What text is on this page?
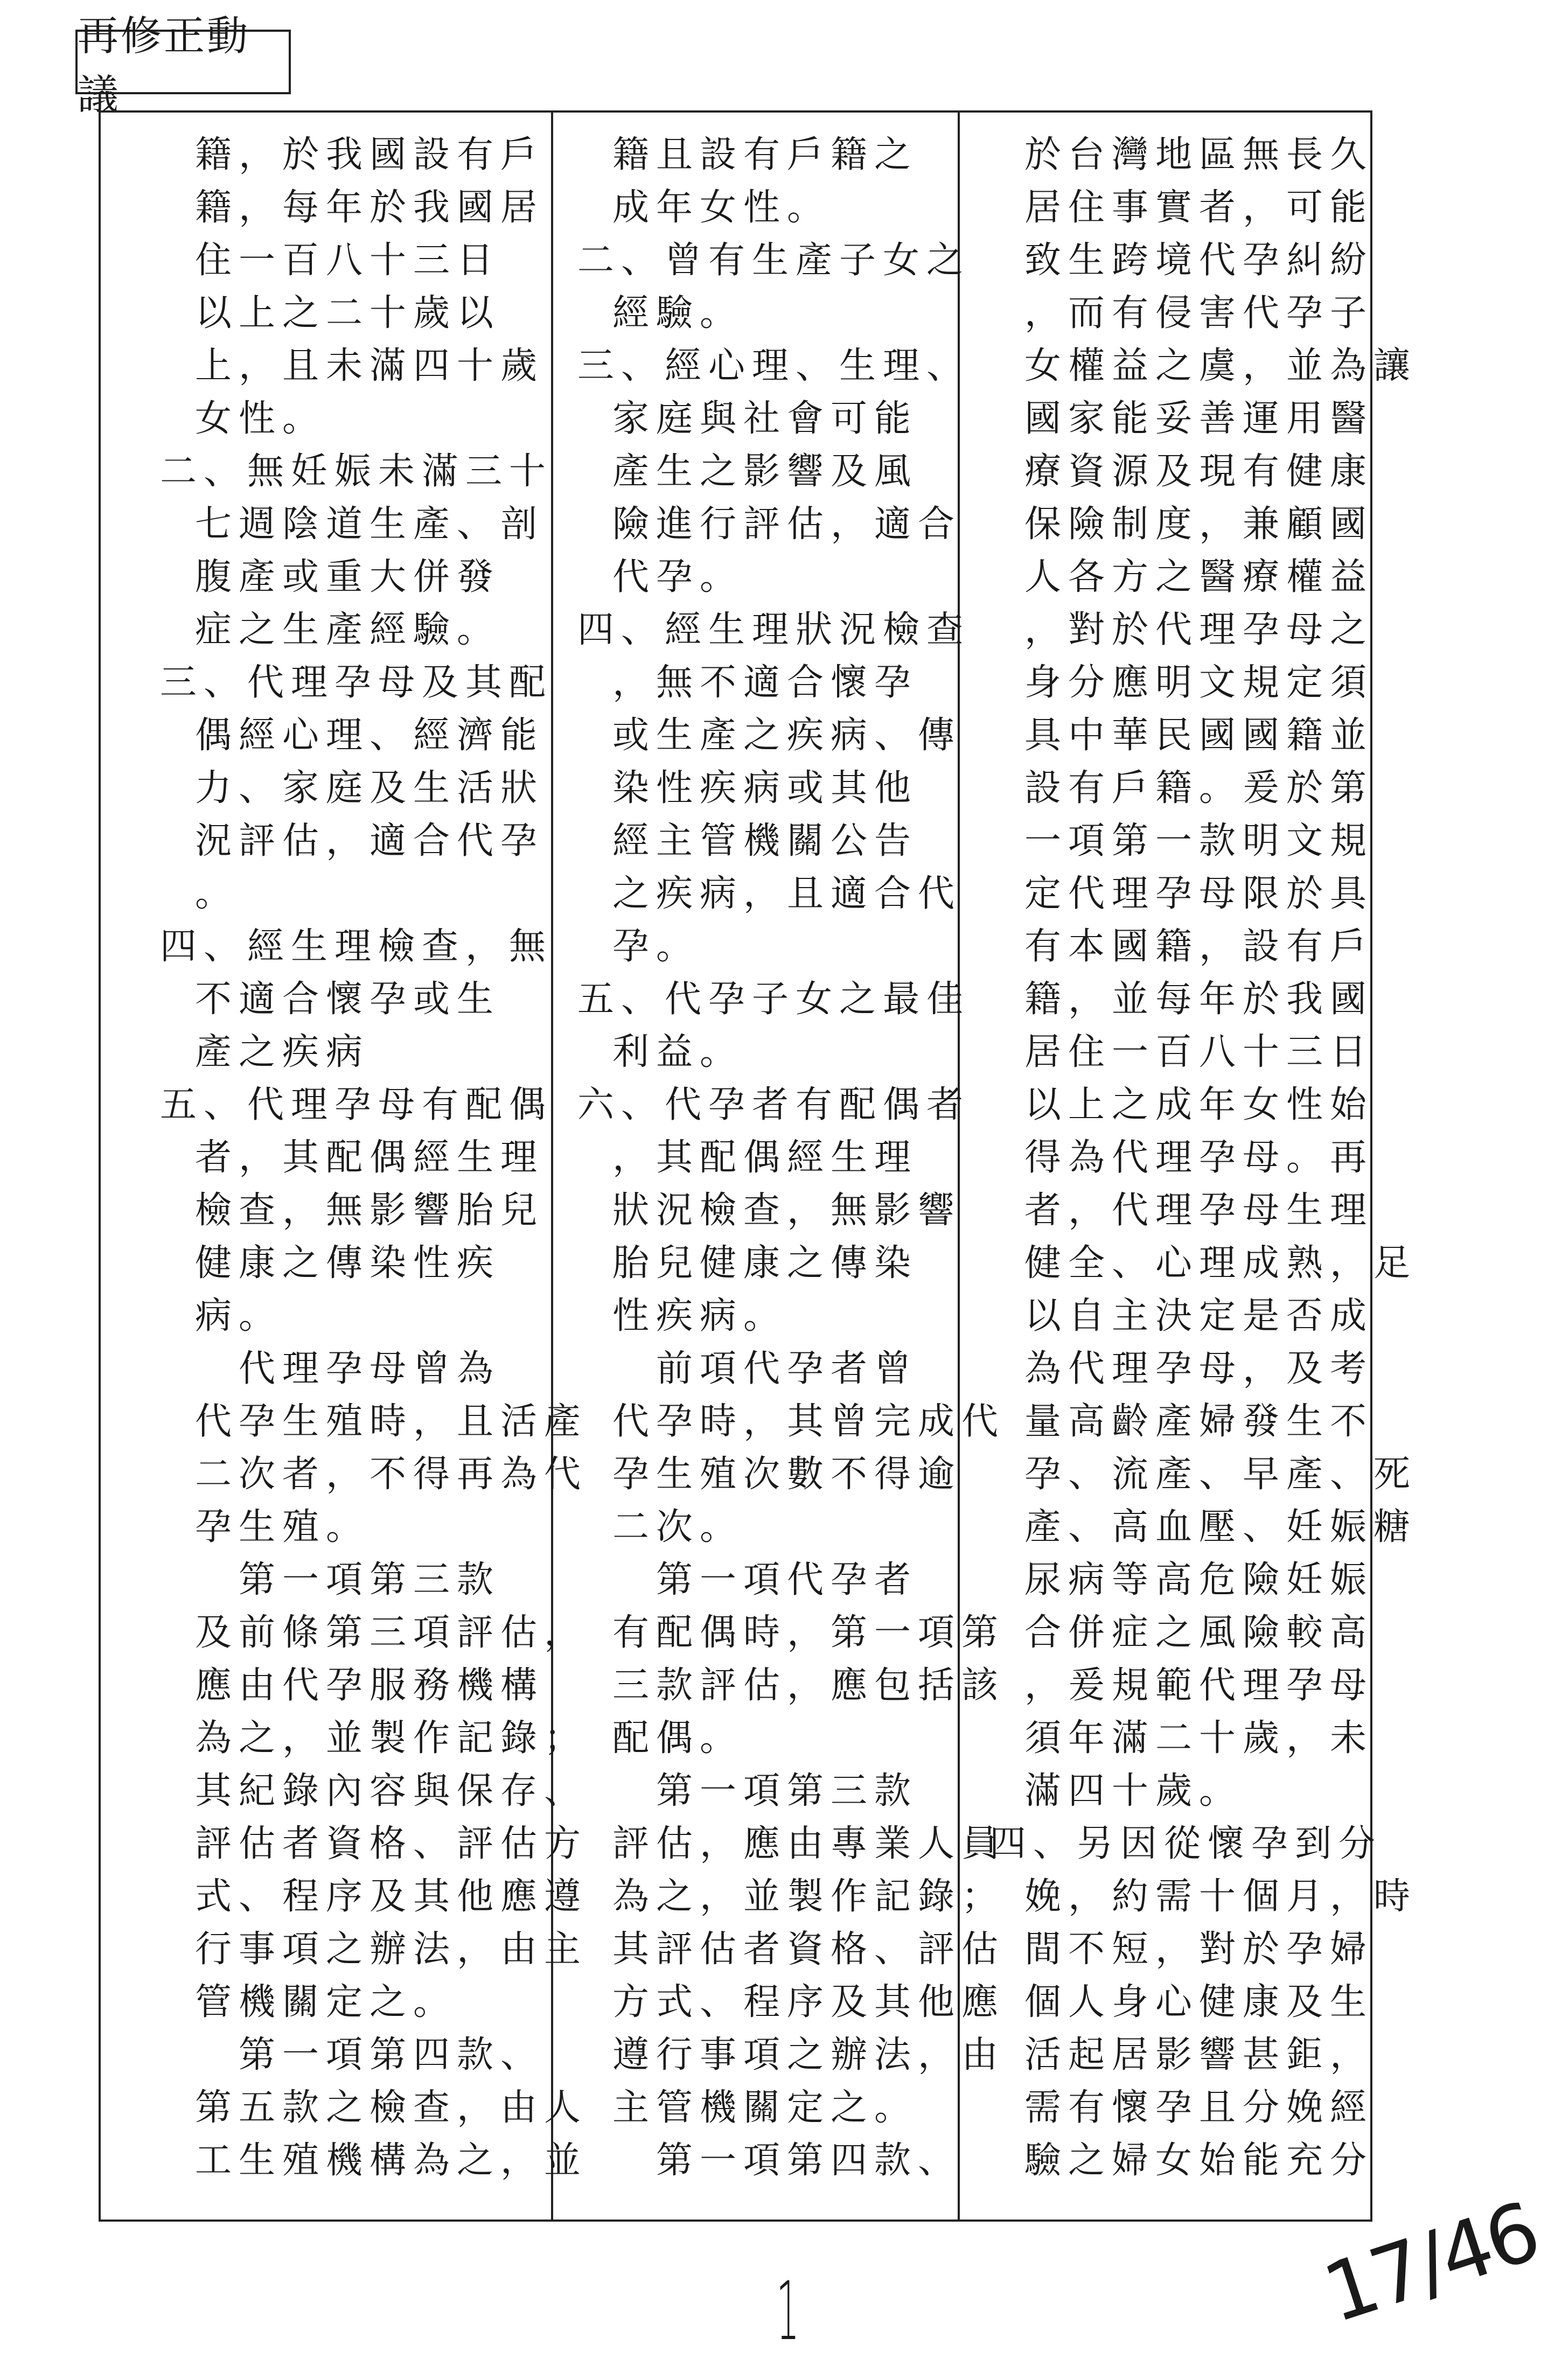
再修正動議
籍，於我國設有戶
籍，每年於我國居
住一百八十三日
以上之二十歲以
上，且未滿四十歲
女性。
二、無妊娠未滿三十
七週陰道生產、剖
腹產或重大併發
症之生產經驗。
三、代理孕母及其配
偶經心理、經濟能
力、家庭及生活狀
況評估，適合代孕
。
四、經生理檢查，無
不適合懷孕或生
產之疾病
五、代理孕母有配偶
者，其配偶經生理
檢查，無影響胎兒
健康之傳染性疾
病。
　代理孕母曾為
代孕生殖時，且活產
二次者，不得再為代
孕生殖。
　第一項第三款
及前條第三項評估，
應由代孕服務機構
為之，並製作記錄；
其紀錄內容與保存、
評估者資格、評估方
式、程序及其他應遵
行事項之辦法，由主
管機關定之。
　第一項第四款、
第五款之檢查，由人
工生殖機構為之，並
籍且設有戶籍之
成年女性。
二、曾有生產子女之
經驗。
三、經心理、生理、
家庭與社會可能
產生之影響及風
險進行評估，適合
代孕。
四、經生理狀況檢查
，無不適合懷孕
或生產之疾病、傳
染性疾病或其他
經主管機關公告
之疾病，且適合代
孕。
五、代孕子女之最佳
利益。
六、代孕者有配偶者
，其配偶經生理
狀況檢查，無影響
胎兒健康之傳染
性疾病。
　前項代孕者曾
代孕時，其曾完成代
孕生殖次數不得逾
二次。
　第一項代孕者
有配偶時，第一項第
三款評估，應包括該
配偶。
　第一項第三款
評估，應由專業人員
為之，並製作記錄；
其評估者資格、評估
方式、程序及其他應
遵行事項之辦法，由
主管機關定之。
　第一項第四款、
於台灣地區無長久
居住事實者，可能
致生跨境代孕糾紛
，而有侵害代孕子
女權益之虞，並為讓
國家能妥善運用醫
療資源及現有健康
保險制度，兼顧國
人各方之醫療權益
，對於代理孕母之
身分應明文規定須
具中華民國國籍並
設有戶籍。爰於第
一項第一款明文規
定代理孕母限於具
有本國籍，設有戶
籍，並每年於我國
居住一百八十三日
以上之成年女性始
得為代理孕母。再
者，代理孕母生理
健全、心理成熟，足
以自主決定是否成
為代理孕母，及考
量高齡產婦發生不
孕、流產、早產、死
產、高血壓、妊娠糖
尿病等高危險妊娠
合併症之風險較高
，爰規範代理孕母
須年滿二十歲，未
滿四十歲。
四、另因從懷孕到分
娩，約需十個月，時
間不短，對於孕婦
個人身心健康及生
活起居影響甚鉅，
需有懷孕且分娩經
驗之婦女始能充分
1	17/46
